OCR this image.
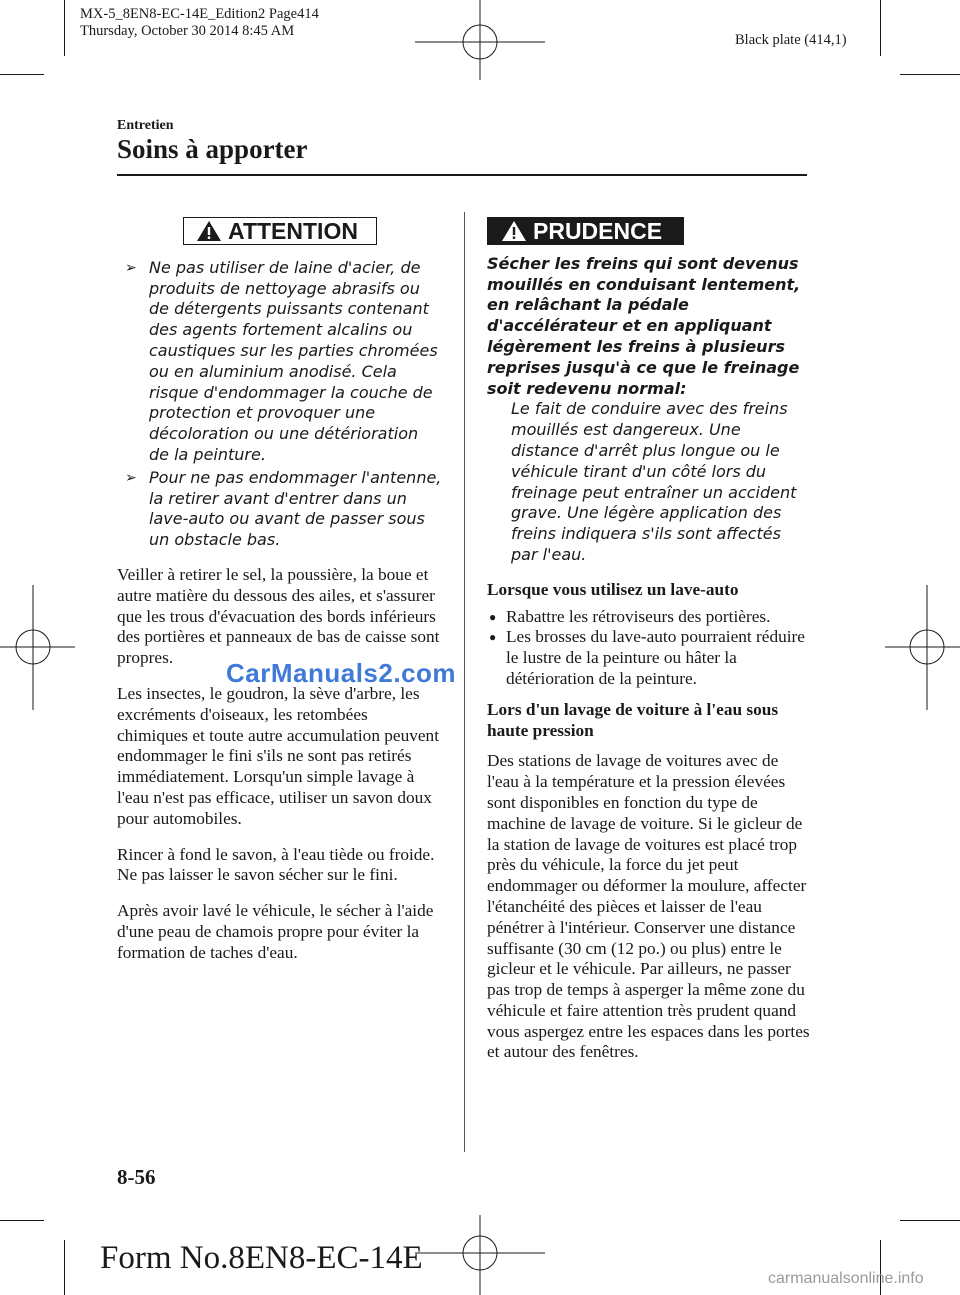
MX-5_8EN8-EC-14E_Edition2 Page414
Thursday, October 30 2014 8:45 AM
Black plate (414,1)
Entretien
Soins à apporter
ATTENTION
➢ Ne pas utiliser de laine d'acier, de produits de nettoyage abrasifs ou de détergents puissants contenant des agents fortement alcalins ou caustiques sur les parties chromées ou en aluminium anodisé. Cela risque d'endommager la couche de protection et provoquer une décoloration ou une détérioration de la peinture.
➢ Pour ne pas endommager l'antenne, la retirer avant d'entrer dans un lave-auto ou avant de passer sous un obstacle bas.

Veiller à retirer le sel, la poussière, la boue et autre matière du dessous des ailes, et s'assurer que les trous d'évacuation des bords inférieurs des portières et panneaux de bas de caisse sont propres.

Les insectes, le goudron, la sève d'arbre, les excréments d'oiseaux, les retombées chimiques et toute autre accumulation peuvent endommager le fini s'ils ne sont pas retirés immédiatement. Lorsqu'un simple lavage à l'eau n'est pas efficace, utiliser un savon doux pour automobiles.

Rincer à fond le savon, à l'eau tiède ou froide. Ne pas laisser le savon sécher sur le fini.

Après avoir lavé le véhicule, le sécher à l'aide d'une peau de chamois propre pour éviter la formation de taches d'eau.

CarManuals2.com
PRUDENCE
Sécher les freins qui sont devenus mouillés en conduisant lentement, en relâchant la pédale d'accélérateur et en appliquant légèrement les freins à plusieurs reprises jusqu'à ce que le freinage soit redevenu normal:
Le fait de conduire avec des freins mouillés est dangereux. Une distance d'arrêt plus longue ou le véhicule tirant d'un côté lors du freinage peut entraîner un accident grave. Une légère application des freins indiquera s'ils sont affectés par l'eau.
Lorsque vous utilisez un lave-auto
● Rabattre les rétroviseurs des portières.
● Les brosses du lave-auto pourraient réduire le lustre de la peinture ou hâter la détérioration de la peinture.
Lors d'un lavage de voiture à l'eau sous haute pression

Des stations de lavage de voitures avec de l'eau à la température et la pression élevées sont disponibles en fonction du type de machine de lavage de voiture. Si le gicleur de la station de lavage de voitures est placé trop près du véhicule, la force du jet peut endommager ou déformer la moulure, affecter l'étanchéité des pièces et laisser de l'eau pénétrer à l'intérieur. Conserver une distance suffisante (30 cm (12 po.) ou plus) entre le gicleur et le véhicule. Par ailleurs, ne passer pas trop de temps à asperger la même zone du véhicule et faire attention très prudent quand vous aspergez entre les espaces dans les portes et autour des fenêtres.

8-56
Form No.8EN8-EC-14E
carmanualsonline.info
